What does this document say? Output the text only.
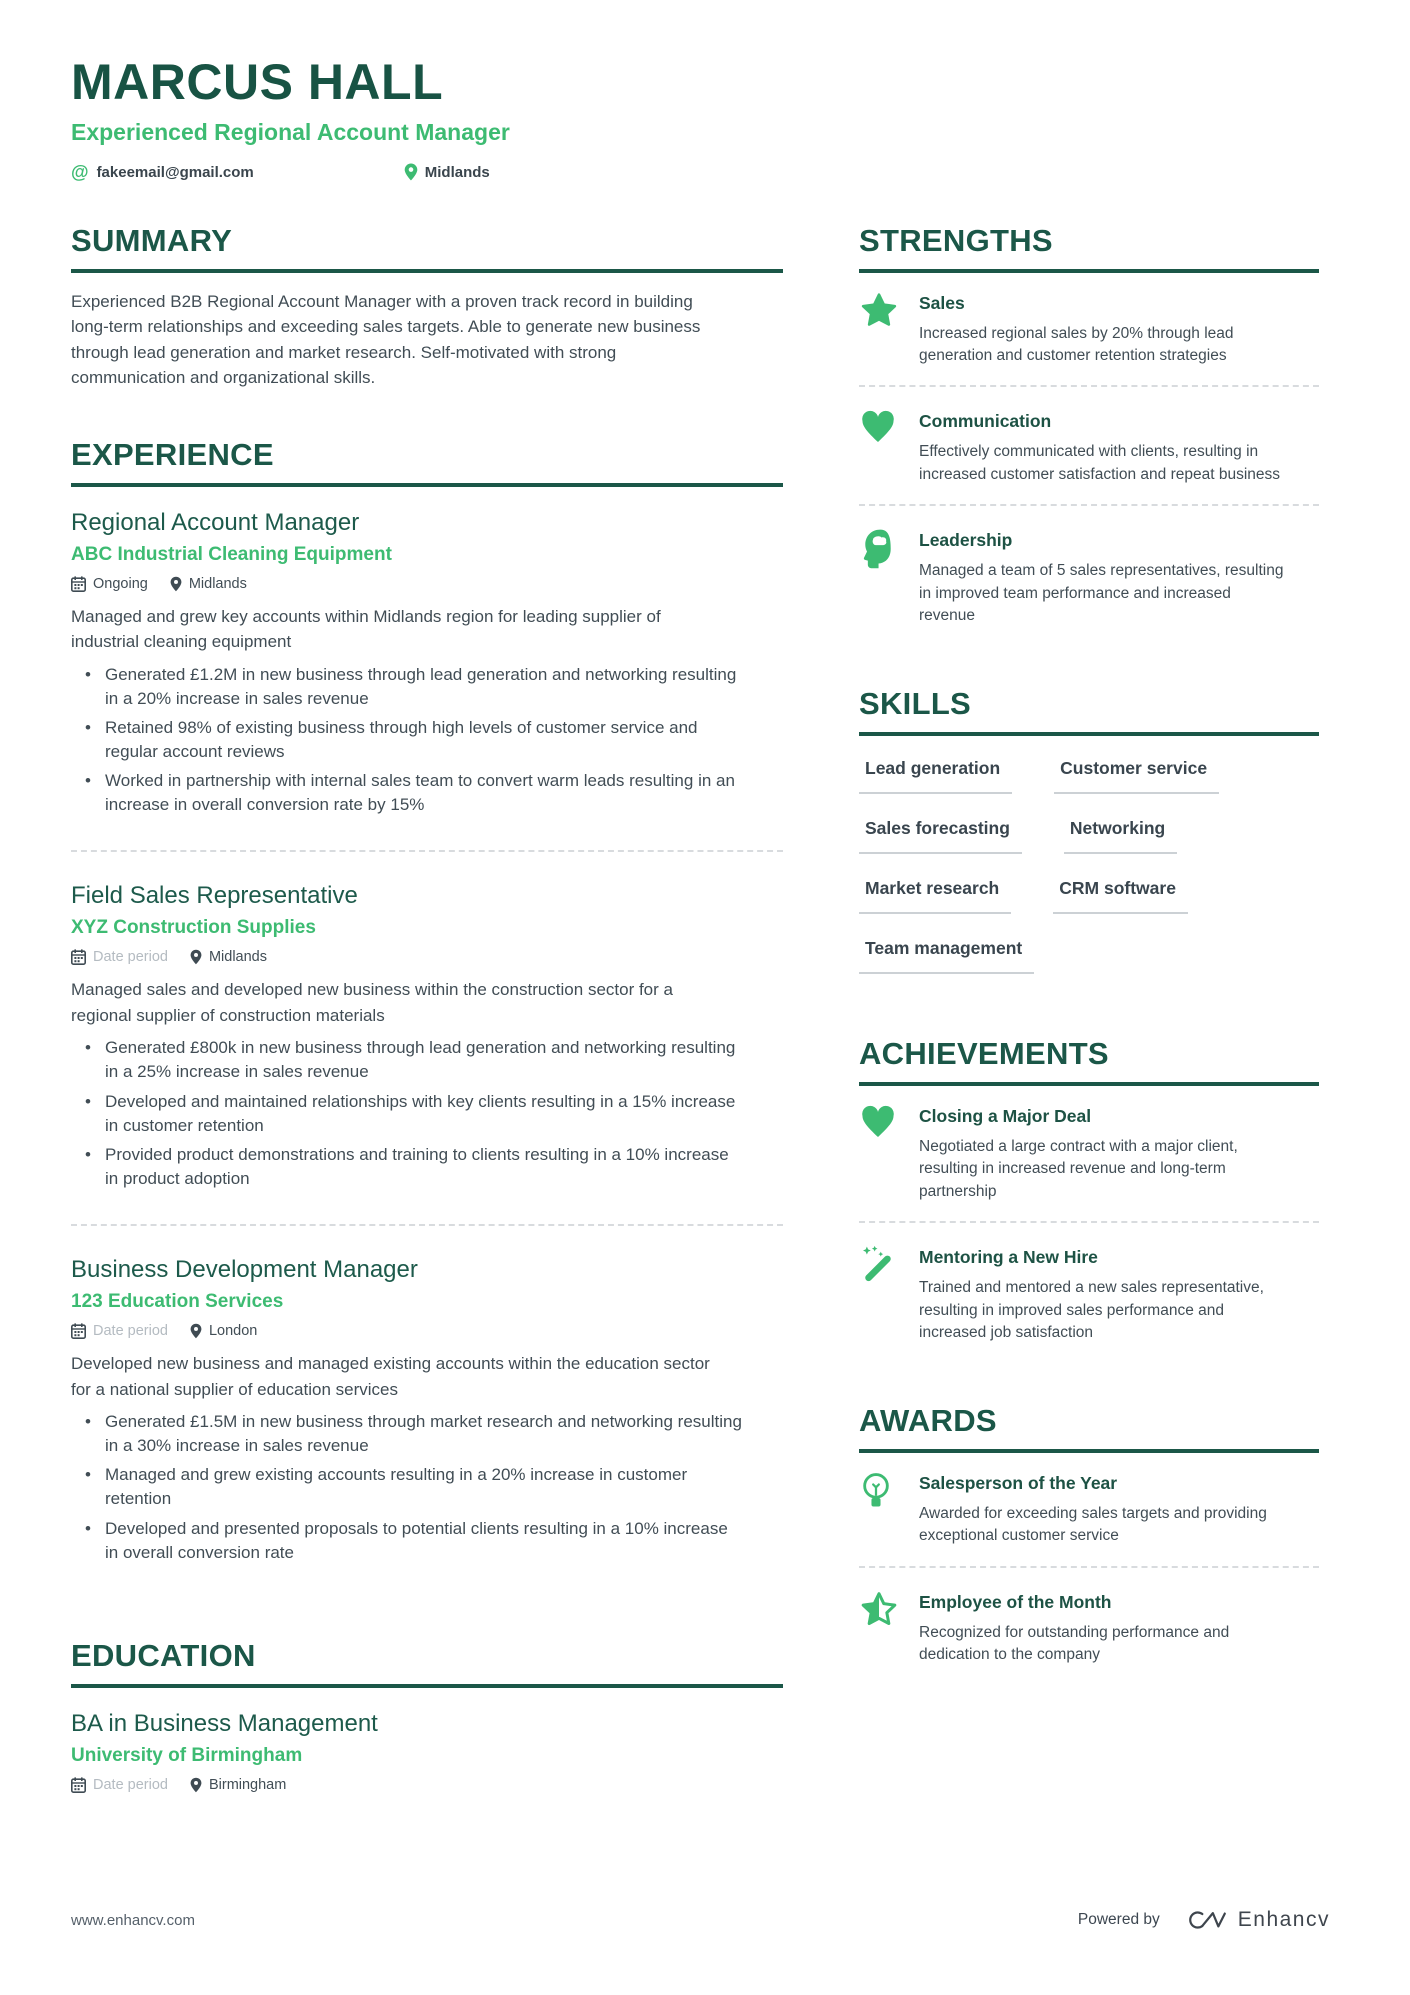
MARCUS HALL
Experienced Regional Account Manager
@ fakeemail@gmail.com	Midlands
SUMMARY

Experienced B2B Regional Account Manager with a proven track record in building long-term relationships and exceeding sales targets. Able to generate new business through lead generation and market research. Self-motivated with strong communication and organizational skills.

EXPERIENCE
Regional Account Manager
ABC Industrial Cleaning Equipment
Ongoing	Midlands

Managed and grew key accounts within Midlands region for leading supplier of industrial cleaning equipment

• Generated £1.2M in new business through lead generation and networking resulting in a 20% increase in sales revenue
• Retained 98% of existing business through high levels of customer service and regular account reviews
• Worked in partnership with internal sales team to convert warm leads resulting in an increase in overall conversion rate by 15%
Field Sales Representative
XYZ Construction Supplies
Date period	Midlands

Managed sales and developed new business within the construction sector for a regional supplier of construction materials

• Generated £800k in new business through lead generation and networking resulting in a 25% increase in sales revenue
• Developed and maintained relationships with key clients resulting in a 15% increase in customer retention
• Provided product demonstrations and training to clients resulting in a 10% increase in product adoption
Business Development Manager
123 Education Services
Date period	London

Developed new business and managed existing accounts within the education sector for a national supplier of education services

• Generated £1.5M in new business through market research and networking resulting in a 30% increase in sales revenue
• Managed and grew existing accounts resulting in a 20% increase in customer retention
• Developed and presented proposals to potential clients resulting in a 10% increase in overall conversion rate
EDUCATION
BA in Business Management
University of Birmingham
Date period	Birmingham
STRENGTHS
Sales
Increased regional sales by 20% through lead generation and customer retention strategies
Communication
Effectively communicated with clients, resulting in increased customer satisfaction and repeat business
Leadership
Managed a team of 5 sales representatives, resulting in improved team performance and increased revenue
SKILLS
Lead generation	Customer service
Sales forecasting	Networking
Market research	CRM software
Team management
ACHIEVEMENTS
Closing a Major Deal
Negotiated a large contract with a major client, resulting in increased revenue and long-term partnership
Mentoring a New Hire
Trained and mentored a new sales representative, resulting in improved sales performance and increased job satisfaction
AWARDS
Salesperson of the Year
Awarded for exceeding sales targets and providing exceptional customer service
Employee of the Month
Recognized for outstanding performance and dedication to the company
www.enhancv.com	Powered by	Enhancv
